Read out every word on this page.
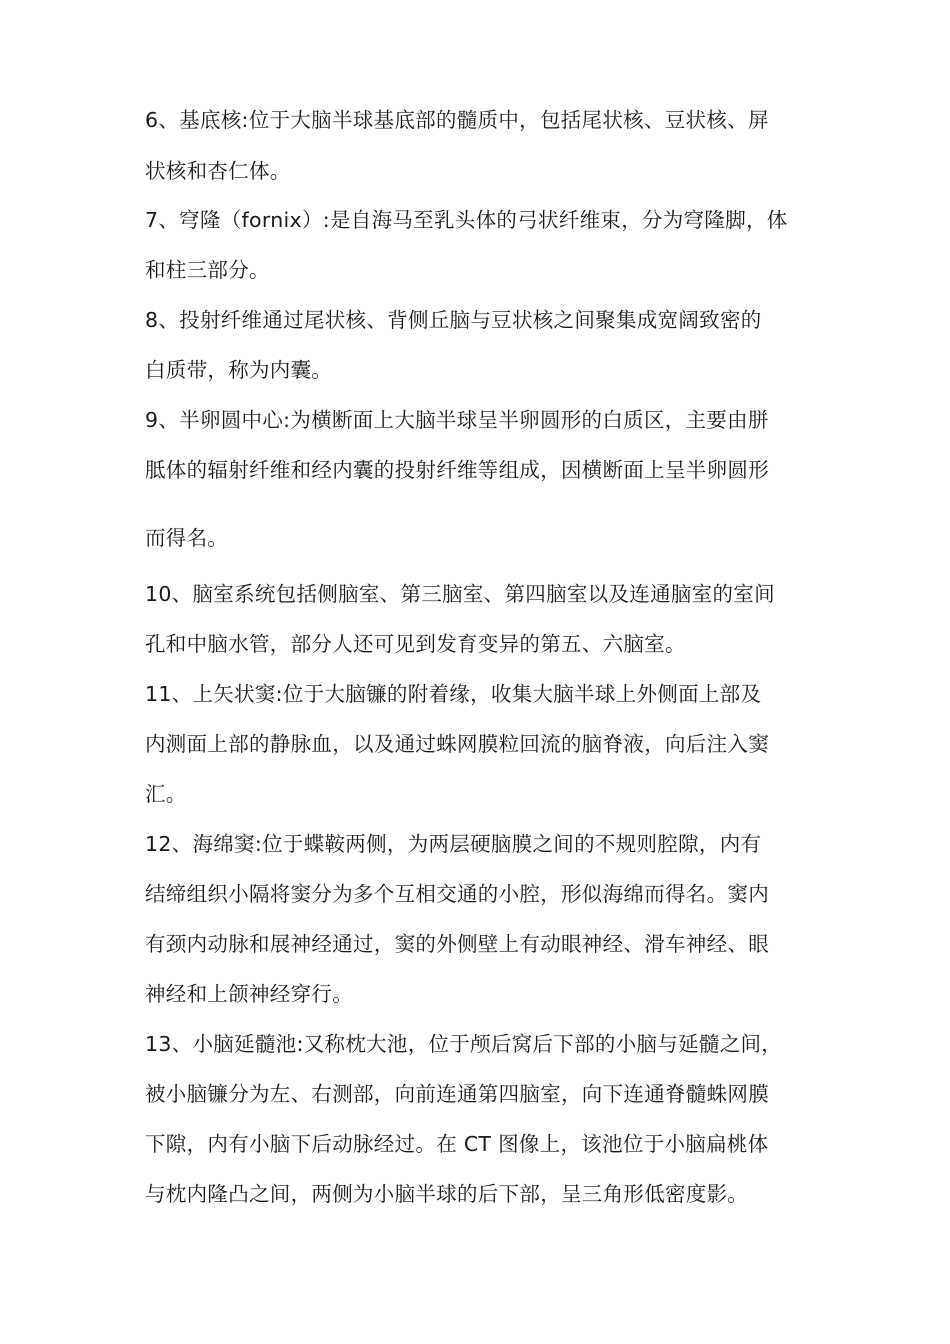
6、基底核:位于大脑半球基底部的髓质中，包括尾状核、豆状核、屏
状核和杏仁体。
7、穹隆（fornix）:是自海马至乳头体的弓状纤维束，分为穹隆脚，体
和柱三部分。
8、投射纤维通过尾状核、背侧丘脑与豆状核之间聚集成宽阔致密的
白质带，称为内囊。
9、半卵圆中心:为横断面上大脑半球呈半卵圆形的白质区，主要由胼
胝体的辐射纤维和经内囊的投射纤维等组成，因横断面上呈半卵圆形
而得名。
10、脑室系统包括侧脑室、第三脑室、第四脑室以及连通脑室的室间
孔和中脑水管，部分人还可见到发育变异的第五、六脑室。
11、上矢状窦:位于大脑镰的附着缘，收集大脑半球上外侧面上部及
内测面上部的静脉血，以及通过蛛网膜粒回流的脑脊液，向后注入窦
汇。
12、海绵窦:位于蝶鞍两侧，为两层硬脑膜之间的不规则腔隙，内有
结缔组织小隔将窦分为多个互相交通的小腔，形似海绵而得名。窦内
有颈内动脉和展神经通过，窦的外侧壁上有动眼神经、滑车神经、眼
神经和上颌神经穿行。
13、小脑延髓池:又称枕大池，位于颅后窝后下部的小脑与延髓之间，
被小脑镰分为左、右测部，向前连通第四脑室，向下连通脊髓蛛网膜
下隙，内有小脑下后动脉经过。在 CT 图像上，该池位于小脑扁桃体
与枕内隆凸之间，两侧为小脑半球的后下部，呈三角形低密度影。
